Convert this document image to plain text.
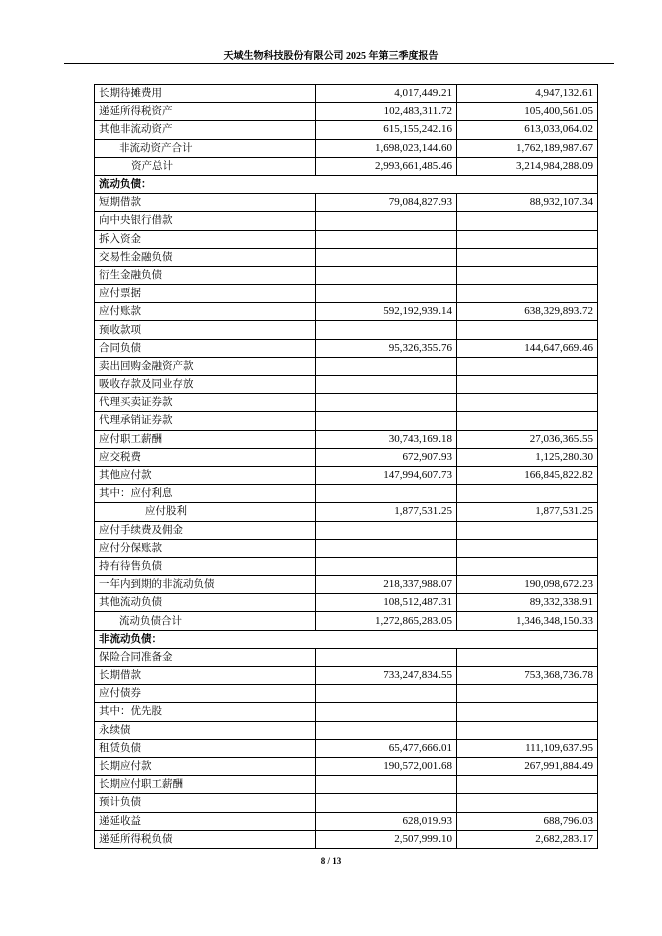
天域生物科技股份有限公司 2025 年第三季度报告
长期待摊费用	4,017,449.21	4,947,132.61
递延所得税资产	102,483,311.72	105,400,561.05
其他非流动资产	615,155,242.16	613,033,064.02
非流动资产合计	1,698,023,144.60	1,762,189,987.67
资产总计	2,993,661,485.46	3,214,984,288.09
流动负债：		
短期借款	79,084,827.93	88,932,107.34
向中央银行借款		
拆入资金		
交易性金融负债		
衍生金融负债		
应付票据		
应付账款	592,192,939.14	638,329,893.72
预收款项		
合同负债	95,326,355.76	144,647,669.46
卖出回购金融资产款		
吸收存款及同业存放		
代理买卖证券款		
代理承销证券款		
应付职工薪酬	30,743,169.18	27,036,365.55
应交税费	672,907.93	1,125,280.30
其他应付款	147,994,607.73	166,845,822.82
其中：应付利息		
应付股利	1,877,531.25	1,877,531.25
应付手续费及佣金		
应付分保账款		
持有待售负债		
一年内到期的非流动负债	218,337,988.07	190,098,672.23
其他流动负债	108,512,487.31	89,332,338.91
流动负债合计	1,272,865,283.05	1,346,348,150.33
非流动负债：		
保险合同准备金		
长期借款	733,247,834.55	753,368,736.78
应付债券		
其中：优先股		
永续债		
租赁负债	65,477,666.01	111,109,637.95
长期应付款	190,572,001.68	267,991,884.49
长期应付职工薪酬		
预计负债		
递延收益	628,019.93	688,796.03
递延所得税负债	2,507,999.10	2,682,283.17
8 / 13
